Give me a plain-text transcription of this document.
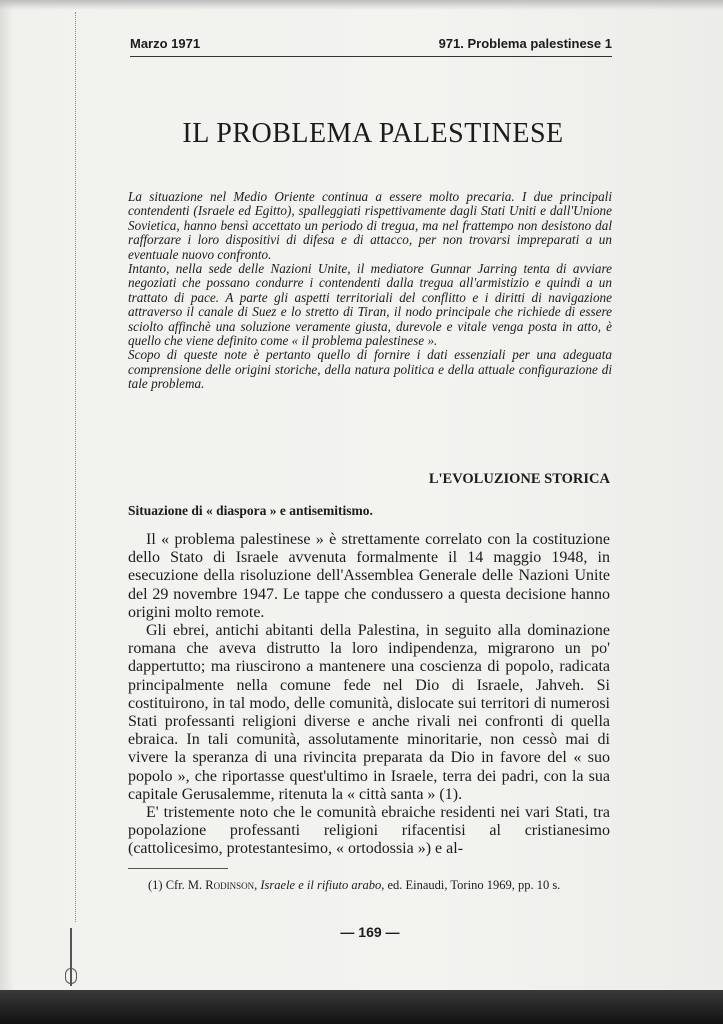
Marzo 1971	971. Problema palestinese 1
IL PROBLEMA PALESTINESE

La situazione nel Medio Oriente continua a essere molto precaria. I due principali contendenti (Israele ed Egitto), spalleggiati rispettivamente dagli Stati Uniti e dall'Unione Sovietica, hanno bensì accettato un periodo di tregua, ma nel frattempo non desistono dal rafforzare i loro dispositivi di difesa e di attacco, per non trovarsi impreparati a un eventuale nuovo confronto.

Intanto, nella sede delle Nazioni Unite, il mediatore Gunnar Jarring tenta di avviare negoziati che possano condurre i contendenti dalla tregua all'armistizio e quindi a un trattato di pace. A parte gli aspetti territoriali del conflitto e i diritti di navigazione attraverso il canale di Suez e lo stretto di Tiran, il nodo principale che richiede di essere sciolto affinchè una soluzione veramente giusta, durevole e vitale venga posta in atto, è quello che viene definito come « il problema palestinese ».

Scopo di queste note è pertanto quello di fornire i dati essenziali per una adeguata comprensione delle origini storiche, della natura politica e della attuale configurazione di tale problema.

L'EVOLUZIONE STORICA
Situazione di « diaspora » e antisemitismo.

Il « problema palestinese » è strettamente correlato con la costituzione dello Stato di Israele avvenuta formalmente il 14 maggio 1948, in esecuzione della risoluzione dell'Assemblea Generale delle Nazioni Unite del 29 novembre 1947. Le tappe che condussero a questa decisione hanno origini molto remote.

Gli ebrei, antichi abitanti della Palestina, in seguito alla dominazione romana che aveva distrutto la loro indipendenza, migrarono un po' dappertutto; ma riuscirono a mantenere una coscienza di popolo, radicata principalmente nella comune fede nel Dio di Israele, Jahveh. Si costituirono, in tal modo, delle comunità, dislocate sui territori di numerosi Stati professanti religioni diverse e anche rivali nei confronti di quella ebraica. In tali comunità, assolutamente minoritarie, non cessò mai di vivere la speranza di una rivincita preparata da Dio in favore del « suo popolo », che riportasse quest'ultimo in Israele, terra dei padri, con la sua capitale Gerusalemme, ritenuta la « città santa » (1).

E' tristemente noto che le comunità ebraiche residenti nei vari Stati, tra popolazione professanti religioni rifacentisi al cristianesimo (cattolicesimo, protestantesimo, « ortodossia ») e al-

(1) Cfr. M. Rodinson, Israele e il rifiuto arabo, ed. Einaudi, Torino 1969, pp. 10 s.
— 169 —
